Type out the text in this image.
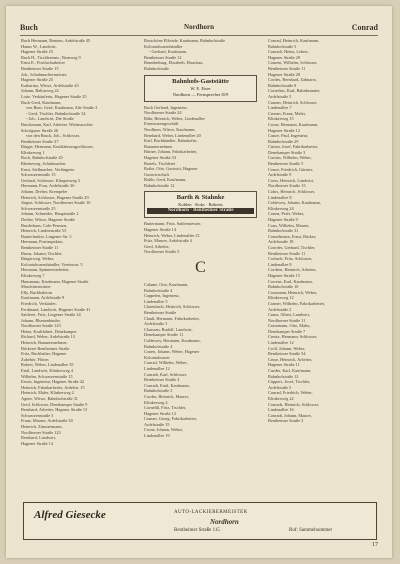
Buch	Nordhorn	Conrad
Buch Hermann, Rentner, Ardelstraße 45
Hanns W., Landwirt,
Hagener Straße 25
Buch H., Tischlermstr., Bernweg 9
Ernst E., Postfacharbeiter
Bentheimer Straße 15
Joh., Schuhmachermeister,
Hagener Straße 25
Katharina, Witwe, Ardelstraße 43
Johann, Baltusweg 22
Lotte, Verkäuferin, Hagener Straße 25
Buck-Gerd, Kaufmann,
von Buer, Gerd, Kaufmann, Alte Straße 2
- Gerd, Tischler, Bahnhofstraße 34
- Joh., Landwirt, Die Straße
Bruckmann, Karl, Arbeiter, Wietmarscher
Schrögauer Straße 26
von den Bruck, Joh., Schlosser,
Bentheimer Straße 27
Bürger, Hermann, Kraftfahrzeugschlosser,
Klinkerweg 1
Bock, Bahnhofstraße 20
Rheineweg, Schuhmacher
Ernst, Stellmacher, Verlängerte
Schwarzenstraße 15
Gerhard, Schlosser, Klingenweg 3
Hermann, Frau, Ardelstraße 36
Johann, Dreher, Krempeler
Heinrich, Schlosser, Hagener Straße 29
Jürgen, Schlosser, Nordhorner Straße 10
Schwarzenstraße 25
Johann, Schneider, Hauptstraße 2
Dreher, Witwe, Hagener Straße
Bruderhaus, Cafe-Pension,
Heinrich, Lindenstraße 53
Bautechniker, Lingener Str. 5
Hermann, Postinspektor,
Bentheimer Straße 11
Bruns, Johann, Tischler,
Bürgerweg, Weber,
Kolonialwarenhändler, Vereinsstr. 5
Hermann, Spinnereiarbeiter,
Klinkerweg 7
Hausmann, Kaufmann, Hagener Straße
Maschinenwärter
Elly, Buchhalterin
Kaufmann, Ardelstraße 8
Friedrich, Verkäufer,
Ferdinand, Landwirt, Hagener Straße 41
Sattlerei, Fritz, Lingener Straße 24
Johann, Blumenbinder,
Nordhorner Straße 123
Heinz, Kraftfahrer, Denekamper
Richard, Weber, Ardelstraße 13
Heinrich, Bauunternehmer,
Bäckerei Bentheimer Straße
Fritz, Buchhalter, Hagener
Zubehör, Flöten
Robert, Weber, Lindenallee 35
Emil, Landwirt, Klinkerweg 4
Wilhelm, Schwarzenstraße 15
Erwin, Ingenieur, Hagener Straße 42
Heinrich, Fabrikarbeiter, Ardelstr. 15
Heinrich, Maler, Klinkerweg 2
Agnes, Witwe, Bahnhofstraße 31
Gerd, Schlosser, Denekamper Straße 9
Bernhard, Arbeiter, Hagener Straße 13
Schwarzenstraße 5
Franz, Maurer, Ardelstraße 30
Heinrich, Zimmermann,
Nordhorner Straße 123
Bernhard, Landwirt,
Hagener Straße 14
Bosschöne Elfriede, Kaufmann, Bahnhofstraße
Kolonialwarenhändler
- Gerhard, Kaufmann,
Bentheimer Straße 12
Brandenburg, Elisabeth, Hausfrau,
Bahnhofstraße
Bahnhofs-Gaststätte
W. E. Eiser
Nordhorn — Fernsprecher 819
Buck Gerhard, Ingenieur,
Nordhorner Straße 24
Bähr, Heinrich, Weber, Lindenallee
Eisenwarengeschäft
Nordhorn, Witwe, Kaufmann,
Bernhard, Weber, Lindenallee 20
Karl, Buchhändler, Bahnhofstr.
Bauunternehmer
Bittner, Johann, Fabrikarbeiter,
Hagener Straße 33
Bartels, Tischlerei
Bothe, Otto, Gastwirt, Hagener
Gastwirtschaft
Bohle, Gerd, Kaufmann,
Bahnhofstraße 12
Barth & Stahnke
Kohlen · Koks · Briketts
Nordhorn · Bentheimer Straße
Buttermann, Fritz, Sattlermeister,
Hagener Straße 14
Heinrich, Weber, Lindenallee 21
Fritz, Maurer, Ardelstraße 4
Gerd, Arbeiter,
Nordhorner Straße 5
C
Calame, Otto, Kaufmann,
Bahnhofstraße 4
Cappelen, Ingenieur,
Lindenallee 5
Clarenbach, Heinrich, Schlosser,
Bentheimer Straße
Clauß, Hermann, Fabrikarbeiter,
Ardelstraße 3
Claussen, Rudolf, Landwirt,
Denekamper Straße 11
Coldewey, Hermann, Kaufmann,
Bahnhofstraße 4
Conen, Johann, Weber, Hagener
Kolonialwaren
Conrad, Wilhelm, Weber,
Lindenallee 12
Conradi, Karl, Schlosser,
Bentheimer Straße 4
Conradt, Emil, Kaufmann,
Bahnhofstraße 3
Cordes, Heinrich, Maurer,
Klinkerweg 4
Corneliß, Fritz, Tischler,
Hagener Straße 12
Cramer, Georg, Fabrikarbeiter,
Ardelstraße 15
Crone, Johann, Weber,
Lindenallee 19
Conrad, Heinrich, Kaufmann,
Bahnhofstraße 5
Conradi, Heinz, Lehrer,
Hagener Straße 28
Conzen, Wilhelm, Schlosser,
Bentheimer Straße 11
Hagener Straße 28
Cordes, Bernhard, Zahnarzt,
Bahnhofstraße 8
Cornelius, Karl, Bahnbeamter,
Ardelstraße 5
Cramer, Heinrich, Schlosser,
Lindenallee 7
Cremer, Franz, Maler,
Klinkerweg 15
Crone, Hermann, Kaufmann,
Hagener Straße 12
Cunze, Paul, Ingenieur,
Bahnhofstraße 29
Cürten, Josef, Fabrikarbeiter,
Denekamper Straße 3
Curtius, Wilhelm, Weber,
Bentheimer Straße 5
Conze, Friedrich, Gärtner,
Ardelstraße 9
Coers, Heinrich, Landwirt,
Nordhorner Straße 15
Cohrs, Heinrich, Schlosser,
Lindenallee 8
Coldewey, Johann, Kaufmann,
Klinkerweg 24
Conen, Peter, Weber,
Hagener Straße 9
Cons, Wilhelm, Maurer,
Bahnhofstraße 31
Conzelmann, Ernst, Bäcker,
Ardelstraße 18
Coordes, Gerhard, Tischler,
Bentheimer Straße 11
Corbach, Fritz, Schlosser,
Lindenallee 8
Cordsen, Heinrich, Arbeiter,
Hagener Straße 15
Correns, Karl, Kaufmann,
Bahnhofstraße 10
Cossmann, Heinrich, Weber,
Klinkerweg 12
Cramer, Wilhelm, Fabrikarbeiter,
Ardelstraße 2
Cranz, Albert, Landwirt,
Nordhorner Straße 11
Crasemann, Otto, Maler,
Denekamper Straße 7
Creutz, Hermann, Schlosser,
Lindenallee 12
Croll, Johann, Weber,
Bentheimer Straße 34
Cruse, Heinrich, Arbeiter,
Hagener Straße 11
Curdes, Karl, Kaufmann,
Bahnhofstraße 12
Cüppers, Josef, Tischler,
Ardelstraße 5
Conrad, Friedrich, Weber,
Klinkerweg 22
Conrads, Heinrich, Schlosser,
Lindenallee 16
Conradt, Johann, Maurer,
Bentheimer Straße 3
Alfred Giesecke	AUTO-LACKIERERMEISTER
Nordhorn
Bentheimer Straße 115	Ruf: Sammelnummer
17
